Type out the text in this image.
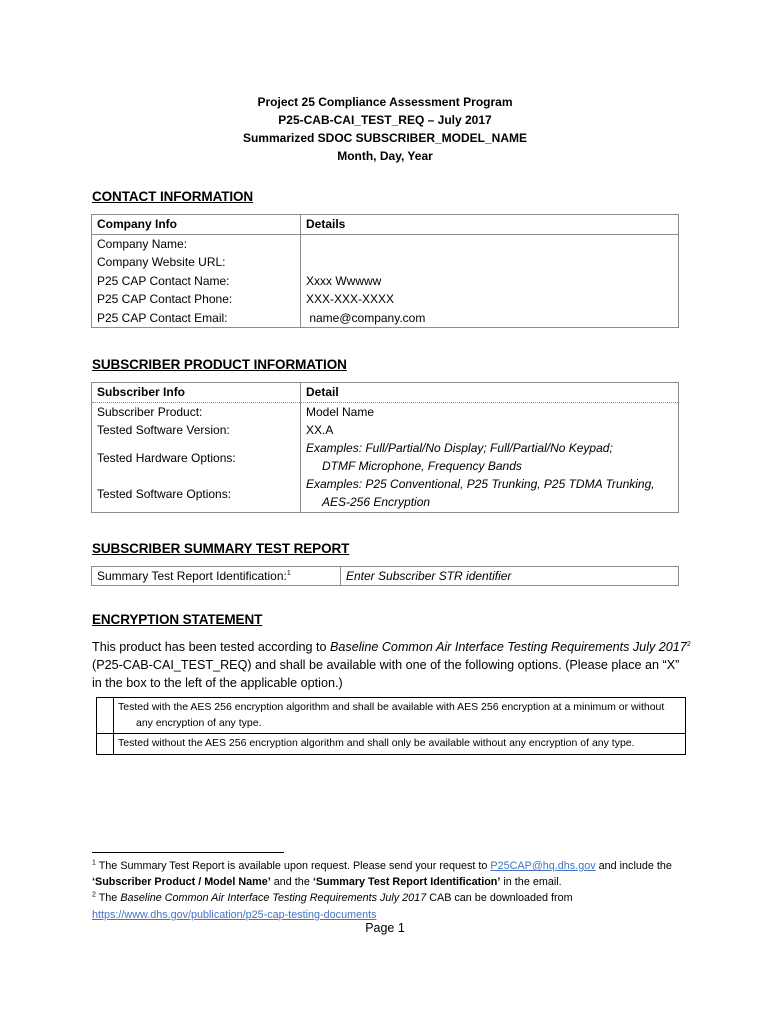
Project 25 Compliance Assessment Program
P25-CAB-CAI_TEST_REQ – July 2017
Summarized SDOC SUBSCRIBER_MODEL_NAME
Month, Day, Year
CONTACT INFORMATION
Company Info	Details
Company Name:	
Company Website URL:	
P25 CAP Contact Name:	Xxxx Wwwww
P25 CAP Contact Phone:	XXX-XXX-XXXX
P25 CAP Contact Email:	name@company.com
SUBSCRIBER PRODUCT INFORMATION
Subscriber Info	Detail
Subscriber Product:	Model Name
Tested Software Version:	XX.A
Tested Hardware Options:	Examples: Full/Partial/No Display; Full/Partial/No Keypad;
DTMF Microphone, Frequency Bands
Tested Software Options:	Examples: P25 Conventional, P25 Trunking, P25 TDMA Trunking,
AES-256 Encryption
SUBSCRIBER SUMMARY TEST REPORT
Summary Test Report Identification:$^1$	Enter Subscriber STR identifier
ENCRYPTION STATEMENT
This product has been tested according to Baseline Common Air Interface Testing Requirements July 2017$^2$ (P25-CAB-CAI_TEST_REQ) and shall be available with one of the following options. (Please place an “X” in the box to the left of the applicable option.)

	Tested with the AES 256 encryption algorithm and shall be available with AES 256 encryption at a minimum or without any encryption of any type.

	Tested without the AES 256 encryption algorithm and shall only be available without any encryption of any type.
$^1$ The Summary Test Report is available upon request. Please send your request to P25CAP@hq.dhs.gov and include the ‘Subscriber Product / Model Name’ and the ‘Summary Test Report Identification’ in the email.
$^2$ The Baseline Common Air Interface Testing Requirements July 2017 CAB can be downloaded from
https://www.dhs.gov/publication/p25-cap-testing-documents
Page 1
